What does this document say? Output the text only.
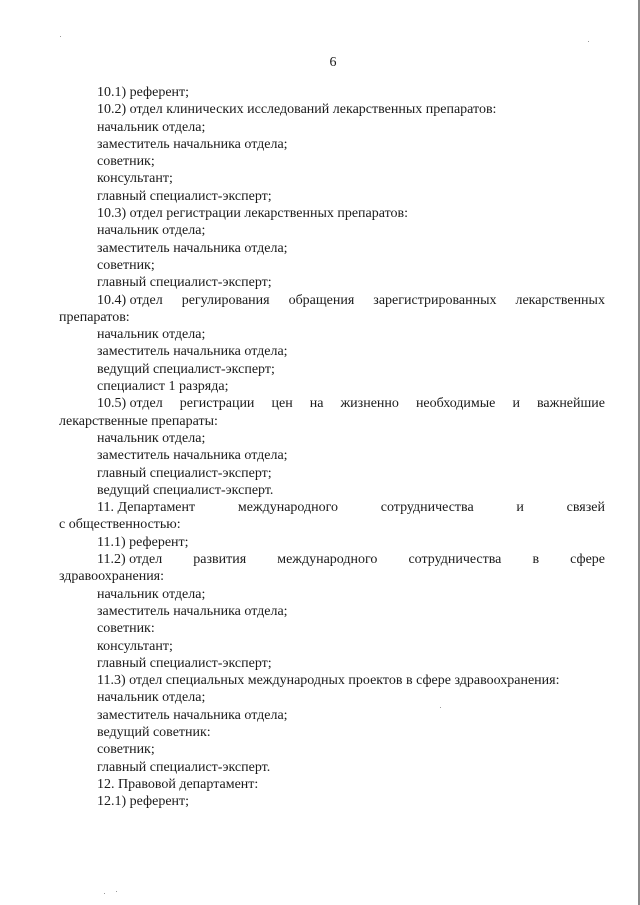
6
10.1) референт;
10.2) отдел клинических исследований лекарственных препаратов:
начальник отдела;
заместитель начальника отдела;
советник;
консультант;
главный специалист-эксперт;
10.3) отдел регистрации лекарственных препаратов:
начальник отдела;
заместитель начальника отдела;
советник;
главный специалист-эксперт;
10.4) отдел регулирования обращения зарегистрированных лекарственных
препаратов:
начальник отдела;
заместитель начальника отдела;
ведущий специалист-эксперт;
специалист 1 разряда;
10.5) отдел регистрации цен на жизненно необходимые и важнейшие
лекарственные препараты:
начальник отдела;
заместитель начальника отдела;
главный специалист-эксперт;
ведущий специалист-эксперт.
11. Департамент	международного	сотрудничества	и	связей
с общественностью:
11.1) референт;
11.2) отдел развития международного сотрудничества в сфере
здравоохранения:
начальник отдела;
заместитель начальника отдела;
советник:
консультант;
главный специалист-эксперт;
11.3) отдел специальных международных проектов в сфере здравоохранения:
начальник отдела;
заместитель начальника отдела;
ведущий советник:
советник;
главный специалист-эксперт.
12. Правовой департамент:
12.1) референт;
